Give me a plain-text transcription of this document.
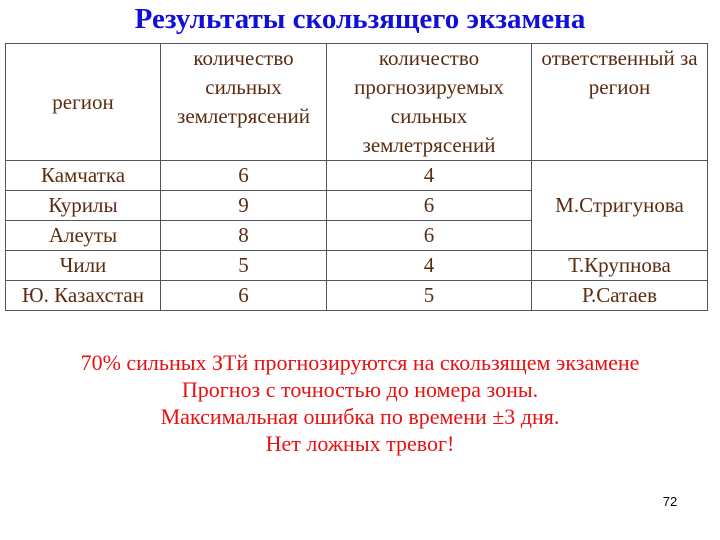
Результаты скользящего экзамена
регион	количество сильных землетрясений	количество прогнозируемых сильных землетрясений	ответственный за регион
Камчатка	6	4	М.Стригунова
Курилы	9	6	
Алеуты	8	6	
Чили	5	4	Т.Крупнова
Ю. Казахстан	6	5	Р.Сатаев
70% сильных ЗТй прогнозируются на скользящем экзамене
Прогноз с точностью до номера зоны.
Максимальная ошибка по времени ±3 дня.
Нет ложных тревог!
72
